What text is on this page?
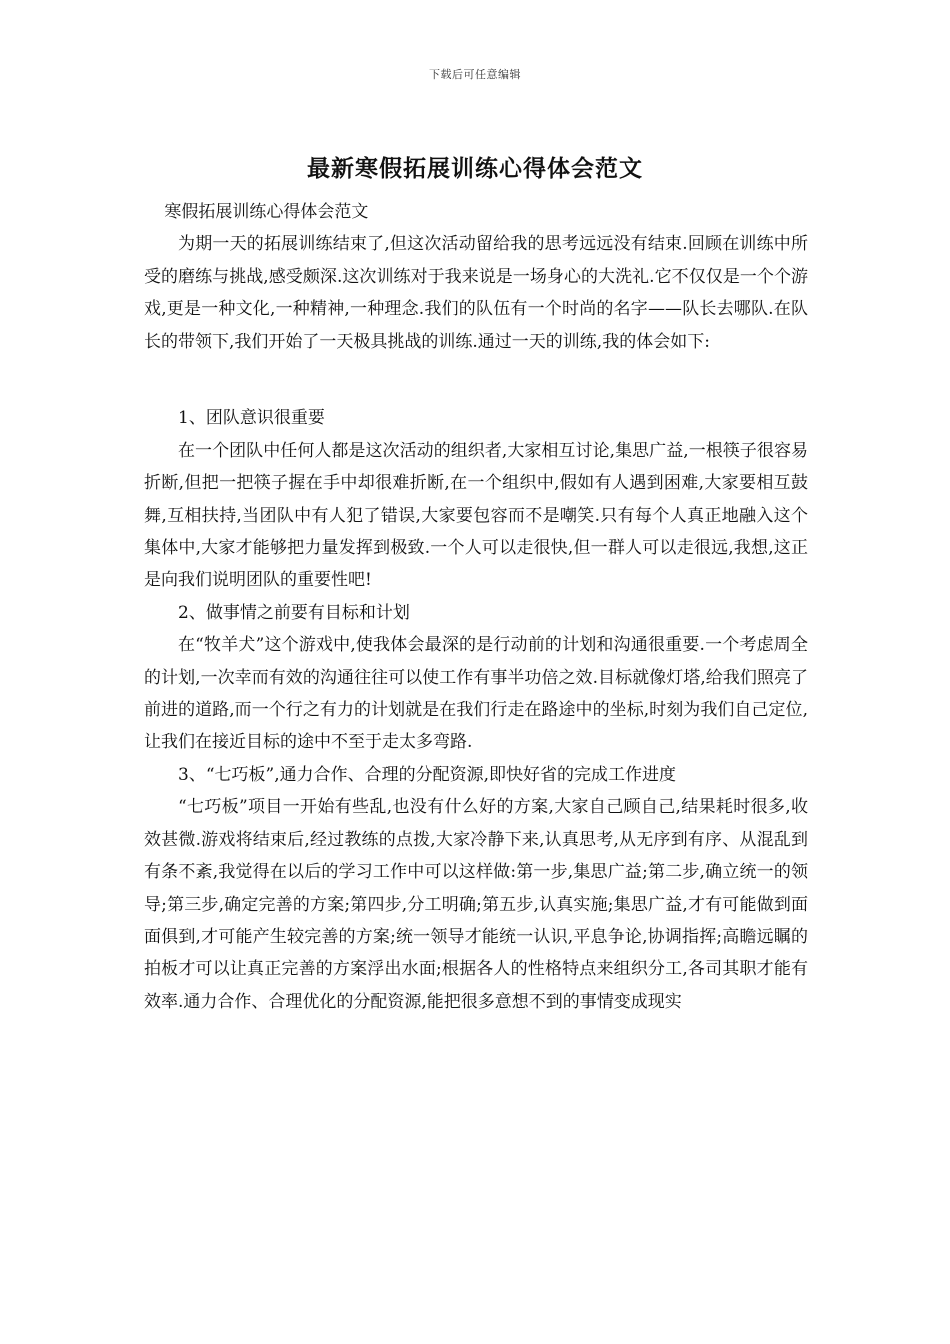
下载后可任意编辑
最新寒假拓展训练心得体会范文

寒假拓展训练心得体会范文

为期一天的拓展训练结束了,但这次活动留给我的思考远远没有结束.回顾在训练中所受的磨练与挑战,感受颇深.这次训练对于我来说是一场身心的大洗礼.它不仅仅是一个个游戏,更是一种文化,一种精神,一种理念.我们的队伍有一个时尚的名字——队长去哪队.在队长的带领下,我们开始了一天极具挑战的训练.通过一天的训练,我的体会如下:

1、团队意识很重要

在一个团队中任何人都是这次活动的组织者,大家相互讨论,集思广益,一根筷子很容易折断,但把一把筷子握在手中却很难折断,在一个组织中,假如有人遇到困难,大家要相互鼓舞,互相扶持,当团队中有人犯了错误,大家要包容而不是嘲笑.只有每个人真正地融入这个集体中,大家才能够把力量发挥到极致.一个人可以走很快,但一群人可以走很远,我想,这正是向我们说明团队的重要性吧!

2、做事情之前要有目标和计划

在“牧羊犬”这个游戏中,使我体会最深的是行动前的计划和沟通很重要.一个考虑周全的计划,一次幸而有效的沟通往往可以使工作有事半功倍之效.目标就像灯塔,给我们照亮了前进的道路,而一个行之有力的计划就是在我们行走在路途中的坐标,时刻为我们自己定位,让我们在接近目标的途中不至于走太多弯路.

3、“七巧板”,通力合作、合理的分配资源,即快好省的完成工作进度

“七巧板”项目一开始有些乱,也没有什么好的方案,大家自己顾自己,结果耗时很多,收效甚微.游戏将结束后,经过教练的点拨,大家冷静下来,认真思考,从无序到有序、从混乱到有条不紊,我觉得在以后的学习工作中可以这样做:第一步,集思广益;第二步,确立统一的领导;第三步,确定完善的方案;第四步,分工明确;第五步,认真实施;集思广益,才有可能做到面面俱到,才可能产生较完善的方案;统一领导才能统一认识,平息争论,协调指挥;高瞻远瞩的拍板才可以让真正完善的方案浮出水面;根据各人的性格特点来组织分工,各司其职才能有效率.通力合作、合理优化的分配资源,能把很多意想不到的事情变成现实
